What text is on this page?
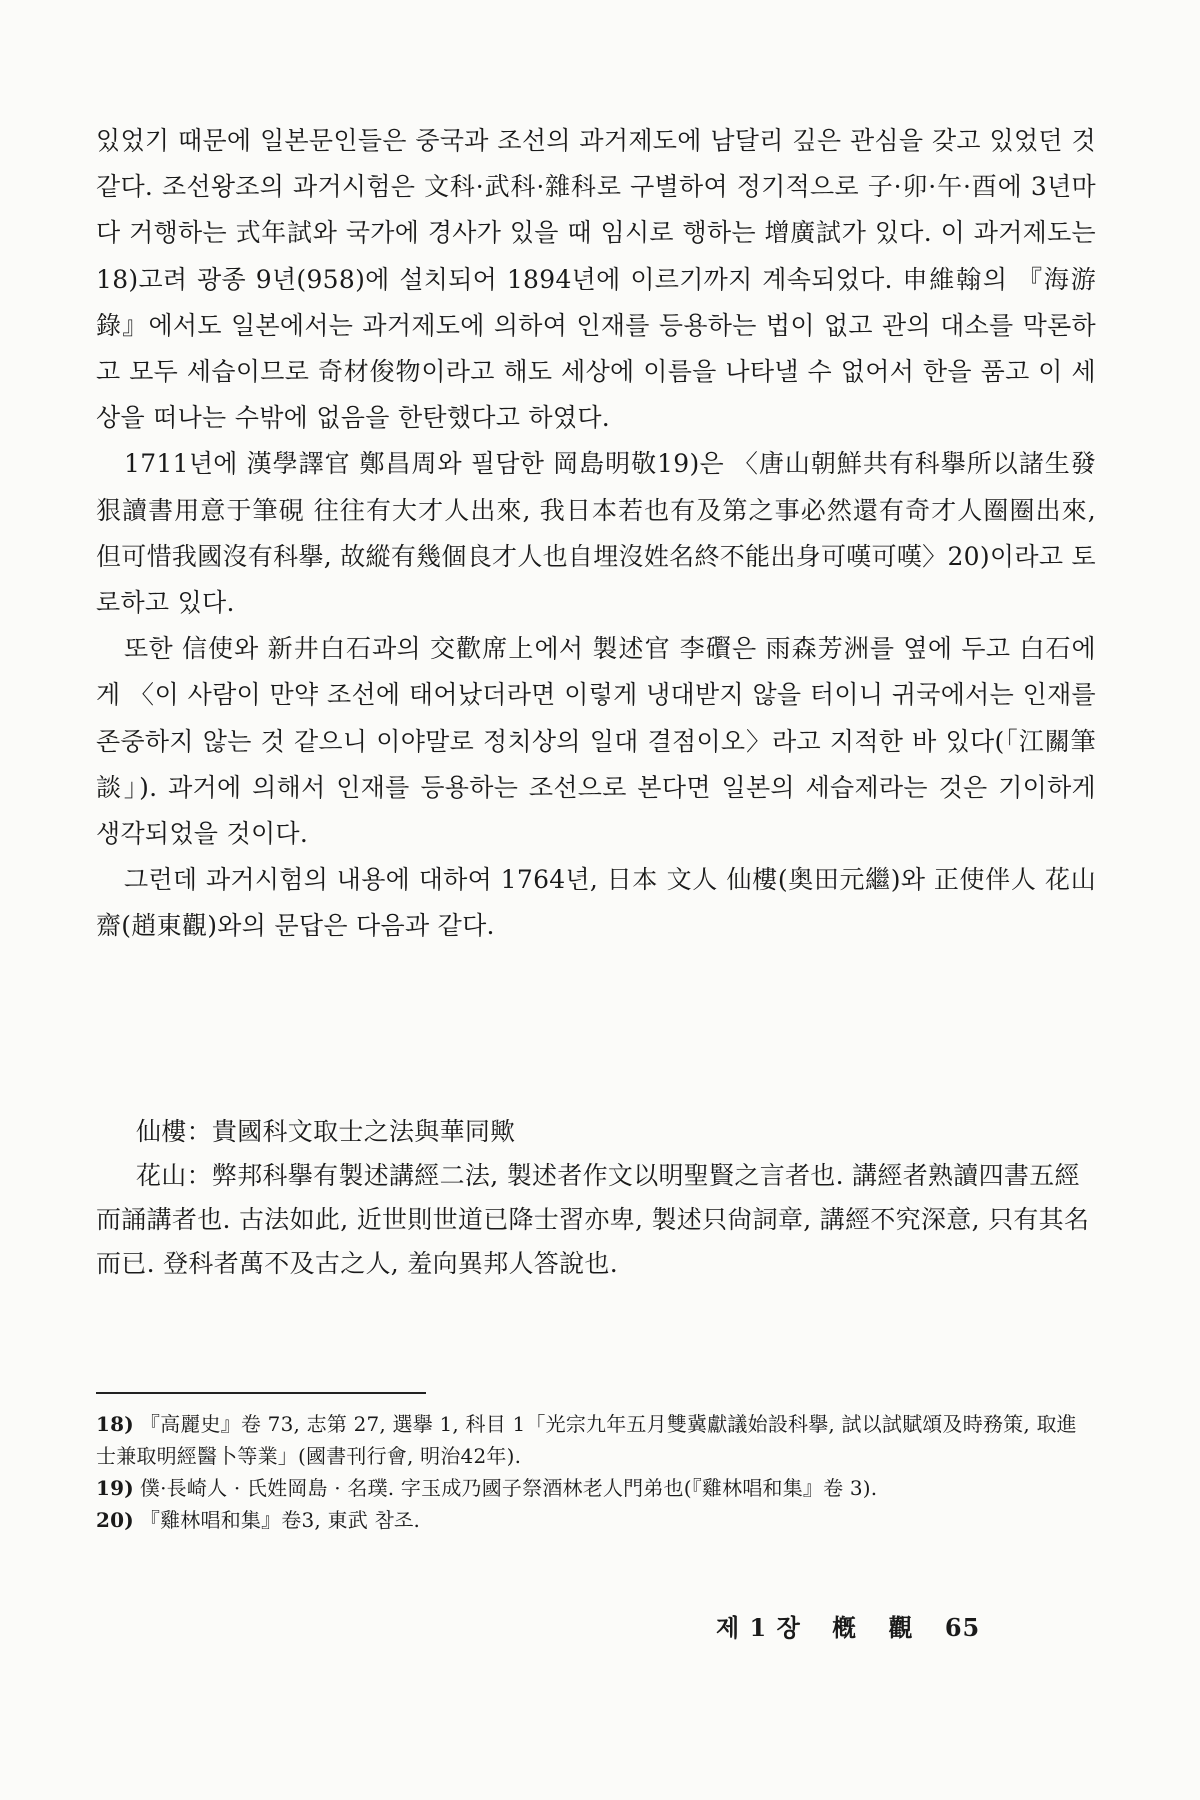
있었기 때문에 일본문인들은 중국과 조선의 과거제도에 남달리 깊은 관심을 갖고 있었던 것 같다. 조선왕조의 과거시험은 文科·武科·雜科로 구별하여 정기적으로 子·卯·午·酉에 3년마다 거행하는 式年試와 국가에 경사가 있을 때 임시로 행하는 增廣試가 있다. 이 과거제도는18)고려 광종 9년(958)에 설치되어 1894년에 이르기까지 계속되었다. 申維翰의 『海游錄』에서도 일본에서는 과거제도에 의하여 인재를 등용하는 법이 없고 관의 대소를 막론하고 모두 세습이므로 奇材俊物이라고 해도 세상에 이름을 나타낼 수 없어서 한을 품고 이 세상을 떠나는 수밖에 없음을 한탄했다고 하였다.

1711년에 漢學譯官 鄭昌周와 필담한 岡島明敬19)은 〈唐山朝鮮共有科擧所以諸生發狠讀書用意于筆硯 往往有大才人出來, 我日本若也有及第之事必然還有奇才人圈圈出來, 但可惜我國沒有科擧, 故縱有幾個良才人也自埋沒姓名終不能出身可嘆可嘆〉20)이라고 토로하고 있다.

또한 信使와 新井白石과의 交歡席上에서 製述官 李礥은 雨森芳洲를 옆에 두고 白石에게 〈이 사람이 만약 조선에 태어났더라면 이렇게 냉대받지 않을 터이니 귀국에서는 인재를 존중하지 않는 것 같으니 이야말로 정치상의 일대 결점이오〉라고 지적한 바 있다(「江關筆談」). 과거에 의해서 인재를 등용하는 조선으로 본다면 일본의 세습제라는 것은 기이하게 생각되었을 것이다.

그런데 과거시험의 내용에 대하여 1764년, 日本 文人 仙樓(奥田元繼)와 正使伴人 花山齋(趙東觀)와의 문답은 다음과 같다.

仙樓：貴國科文取士之法與華同歟

花山：弊邦科擧有製述講經二法, 製述者作文以明聖賢之言者也. 講經者熟讀四書五經而誦講者也. 古法如此, 近世則世道已降士習亦卑, 製述只尙詞章, 講經不究深意, 只有其名而已. 登科者萬不及古之人, 羞向異邦人答說也.

18) 『高麗史』卷 73, 志第 27, 選擧 1, 科目 1「光宗九年五月雙冀獻議始設科擧, 試以試賦頌及時務策, 取進士兼取明經醫卜等業」(國書刊行會, 明治42年).

19) 僕·長崎人 · 氏姓岡島 · 名璞. 字玉成乃國子祭酒林老人門弟也(『雞林唱和集』卷 3).

20) 『雞林唱和集』卷3, 東武 참조.

제 1 장 槪 觀 65
